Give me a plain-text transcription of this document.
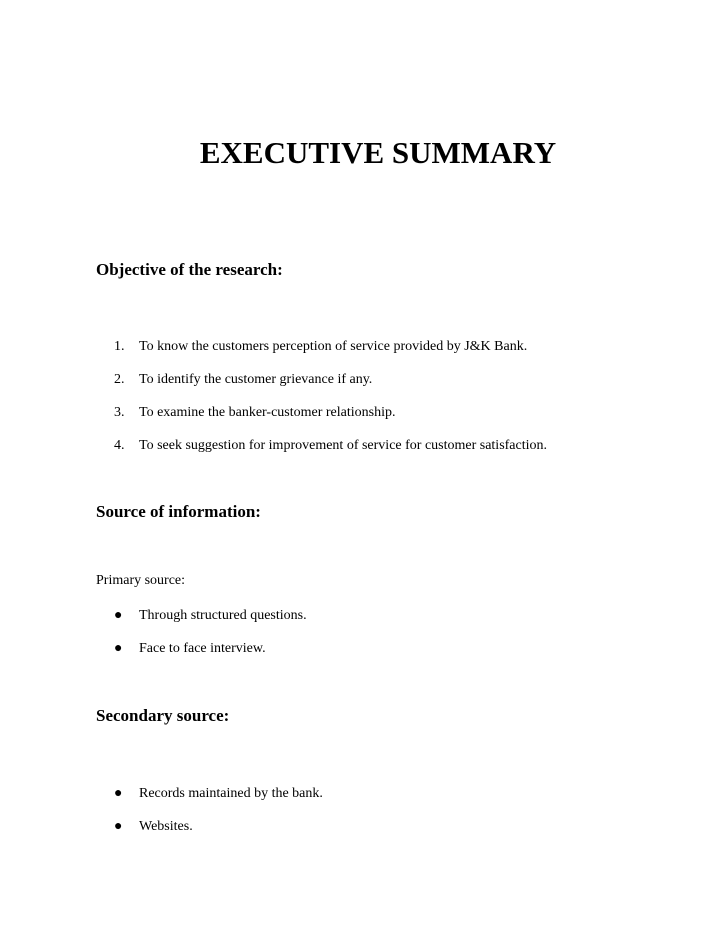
EXECUTIVE SUMMARY
Objective of the research:
1.	To know the customers perception of service provided by J&K Bank.
2.	To identify the customer grievance if any.
3.	To examine the banker-customer relationship.
4.	To seek suggestion for improvement of service for customer satisfaction.
Source of information:

Primary source:

● Through structured questions.
● Face to face interview.
Secondary source:
● Records maintained by the bank.
● Websites.
